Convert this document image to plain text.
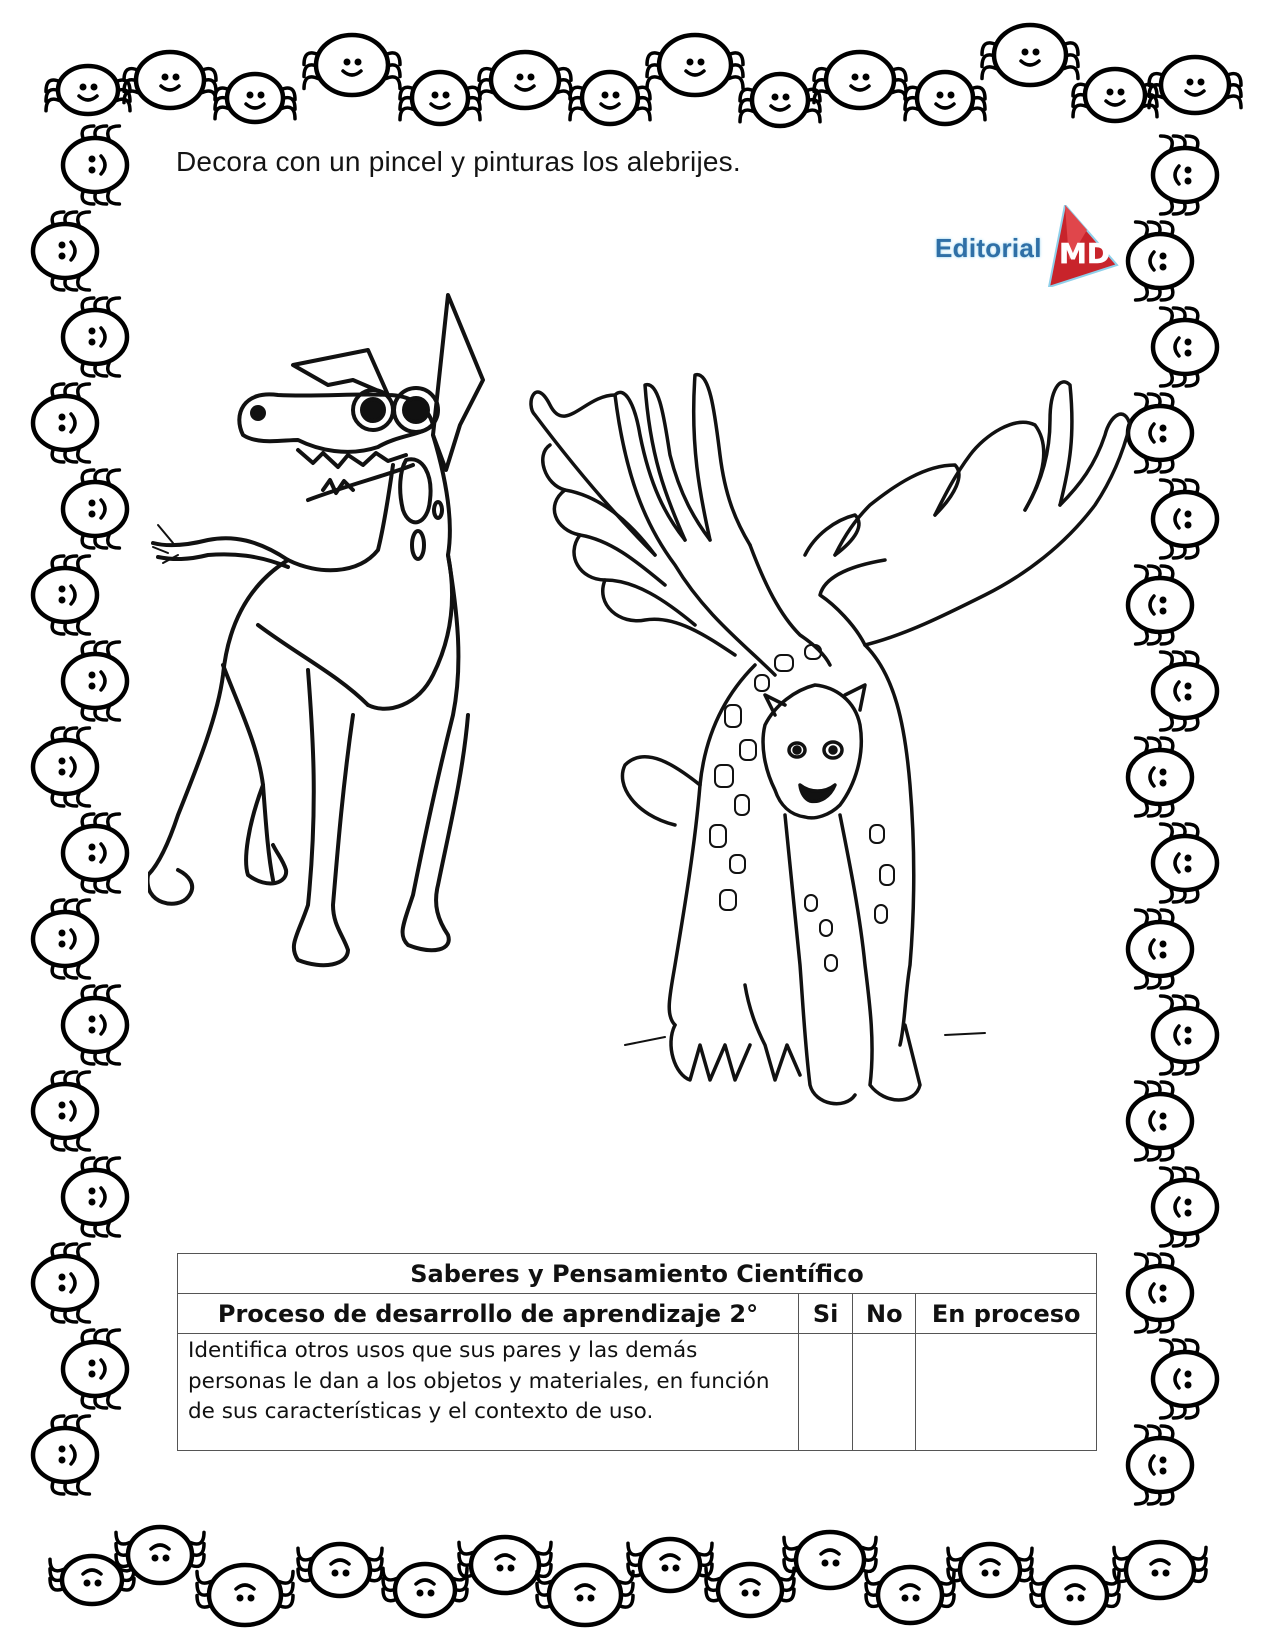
Decora con un pincel y pinturas los alebrijes.
Editorial MD
Saberes y Pensamiento Científico			
Proceso de desarrollo de aprendizaje 2°	Si	No	En proceso
Identifica otros usos que sus pares y las demás personas le dan a los objetos y materiales, en función de sus características y el contexto de uso.			
